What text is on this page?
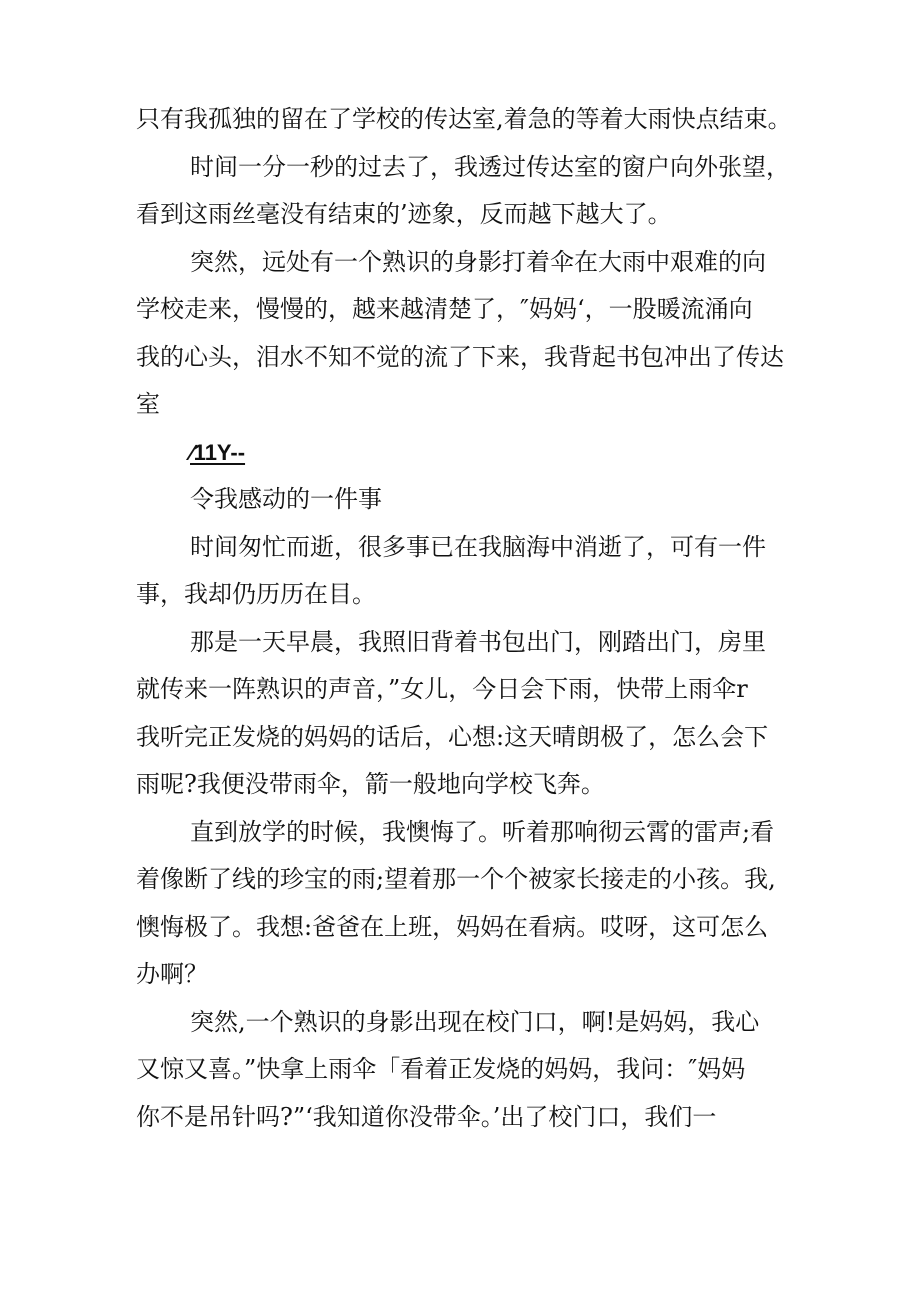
只有我孤独的留在了学校的传达室,着急的等着大雨快点结束。
时间一分一秒的过去了，我透过传达室的窗户向外张望，
看到这雨丝毫没有结束的’迹象，反而越下越大了。
突然，远处有一个熟识的身影打着伞在大雨中艰难的向
学校走来，慢慢的，越来越清楚了，″妈妈‘，一股暖流涌向
我的心头，泪水不知不觉的流了下来，我背起书包冲出了传达
室
∕11Y--
令我感动的一件事
时间匆忙而逝，很多事已在我脑海中消逝了，可有一件
事，我却仍历历在目。
那是一天早晨，我照旧背着书包出门，刚踏出门，房里
就传来一阵熟识的声音，”女儿，今日会下雨，快带上雨伞r
我听完正发烧的妈妈的话后，心想:这天晴朗极了，怎么会下
雨呢?我便没带雨伞，箭一般地向学校飞奔。
直到放学的时候，我懊悔了。听着那响彻云霄的雷声;看
着像断了线的珍宝的雨;望着那一个个被家长接走的小孩。我,
懊悔极了。我想:爸爸在上班，妈妈在看病。哎呀，这可怎么
办啊？
突然,一个熟识的身影出现在校门口，啊!是妈妈，我心
又惊又喜。”快拿上雨伞「看着正发烧的妈妈，我问：″妈妈
你不是吊针吗?”‘我知道你没带伞。’出了校门口，我们一
